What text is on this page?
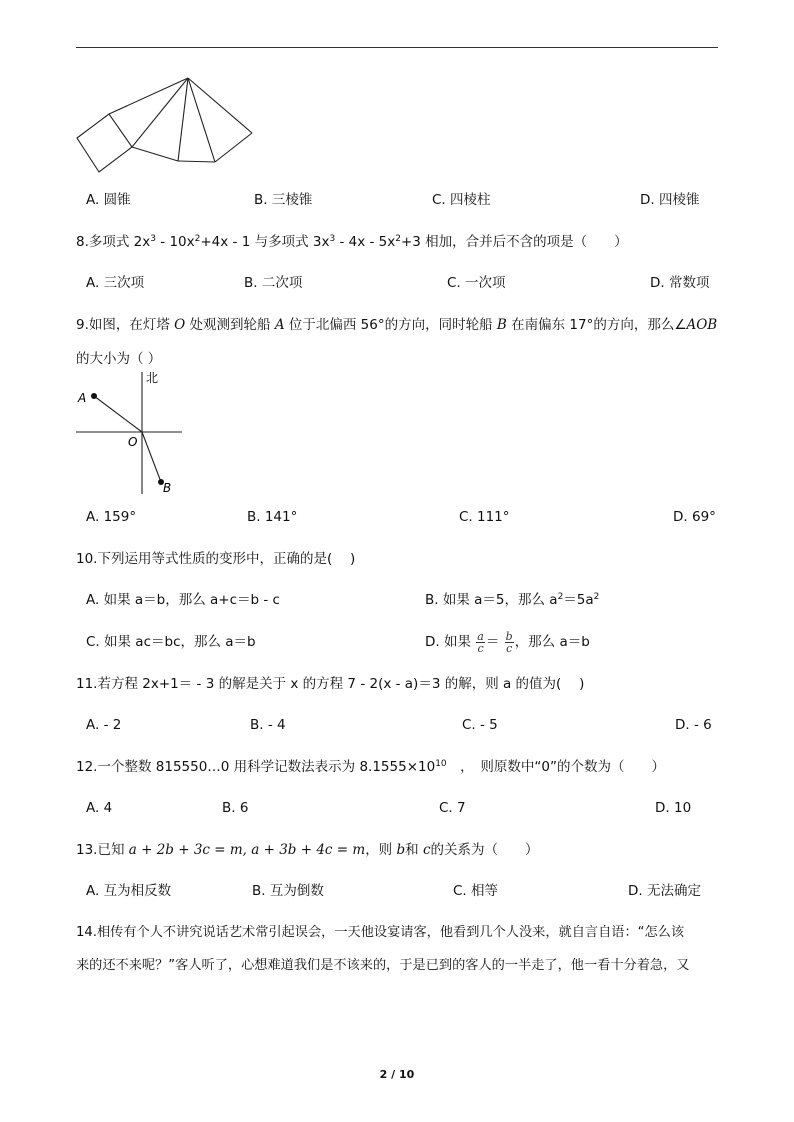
A. 圆锥	B. 三棱锥	C. 四棱柱	D. 四棱锥
8.多项式 $2x^3 - 10x^2+4x - 1$ 与多项式 $3x^3 - 4x - 5x^2+3$ 相加，合并后不含的项是（　　）
A. 三次项	B. 二次项	C. 一次项	D. 常数项
9.如图，在灯塔 O 处观测到轮船 A 位于北偏西 56°的方向，同时轮船 B 在南偏东 17°的方向，那么∠AOB
的大小为（ ）
北
A
O
B
A. 159°	B. 141°	C. 111°	D. 69°
10.下列运用等式性质的变形中，正确的是(　 )
A. 如果 a＝b，那么 a+c＝b - c	B. 如果 a＝5，那么 $a^2=5a^2$
C. 如果 ac＝bc，那么 a＝b	D. 如果 $\frac{a}{c} = \frac{b}{c}$ ，那么 a＝b
11.若方程 2x+1＝ - 3 的解是关于 x 的方程 7 - 2(x - a)＝3 的解，则 a 的值为(　 )
A. - 2	B. - 4	C. - 5	D. - 6
12.一个整数 815550…0 用科学记数法表示为 $8.1555\times 10^{10}$　，　则原数中“0”的个数为（　　）
A. 4	B. 6	C. 7	D. 10
13.已知 a + 2b + 3c = m, a + 3b + 4c = m，则 b和 c的关系为（　　）
A. 互为相反数	B. 互为倒数	C. 相等	D. 无法确定
14.相传有个人不讲究说话艺术常引起误会，一天他设宴请客，他看到几个人没来，就自言自语：“怎么该
来的还不来呢？”客人听了，心想难道我们是不该来的，于是已到的客人的一半走了，他一看十分着急，又
2 / 10
